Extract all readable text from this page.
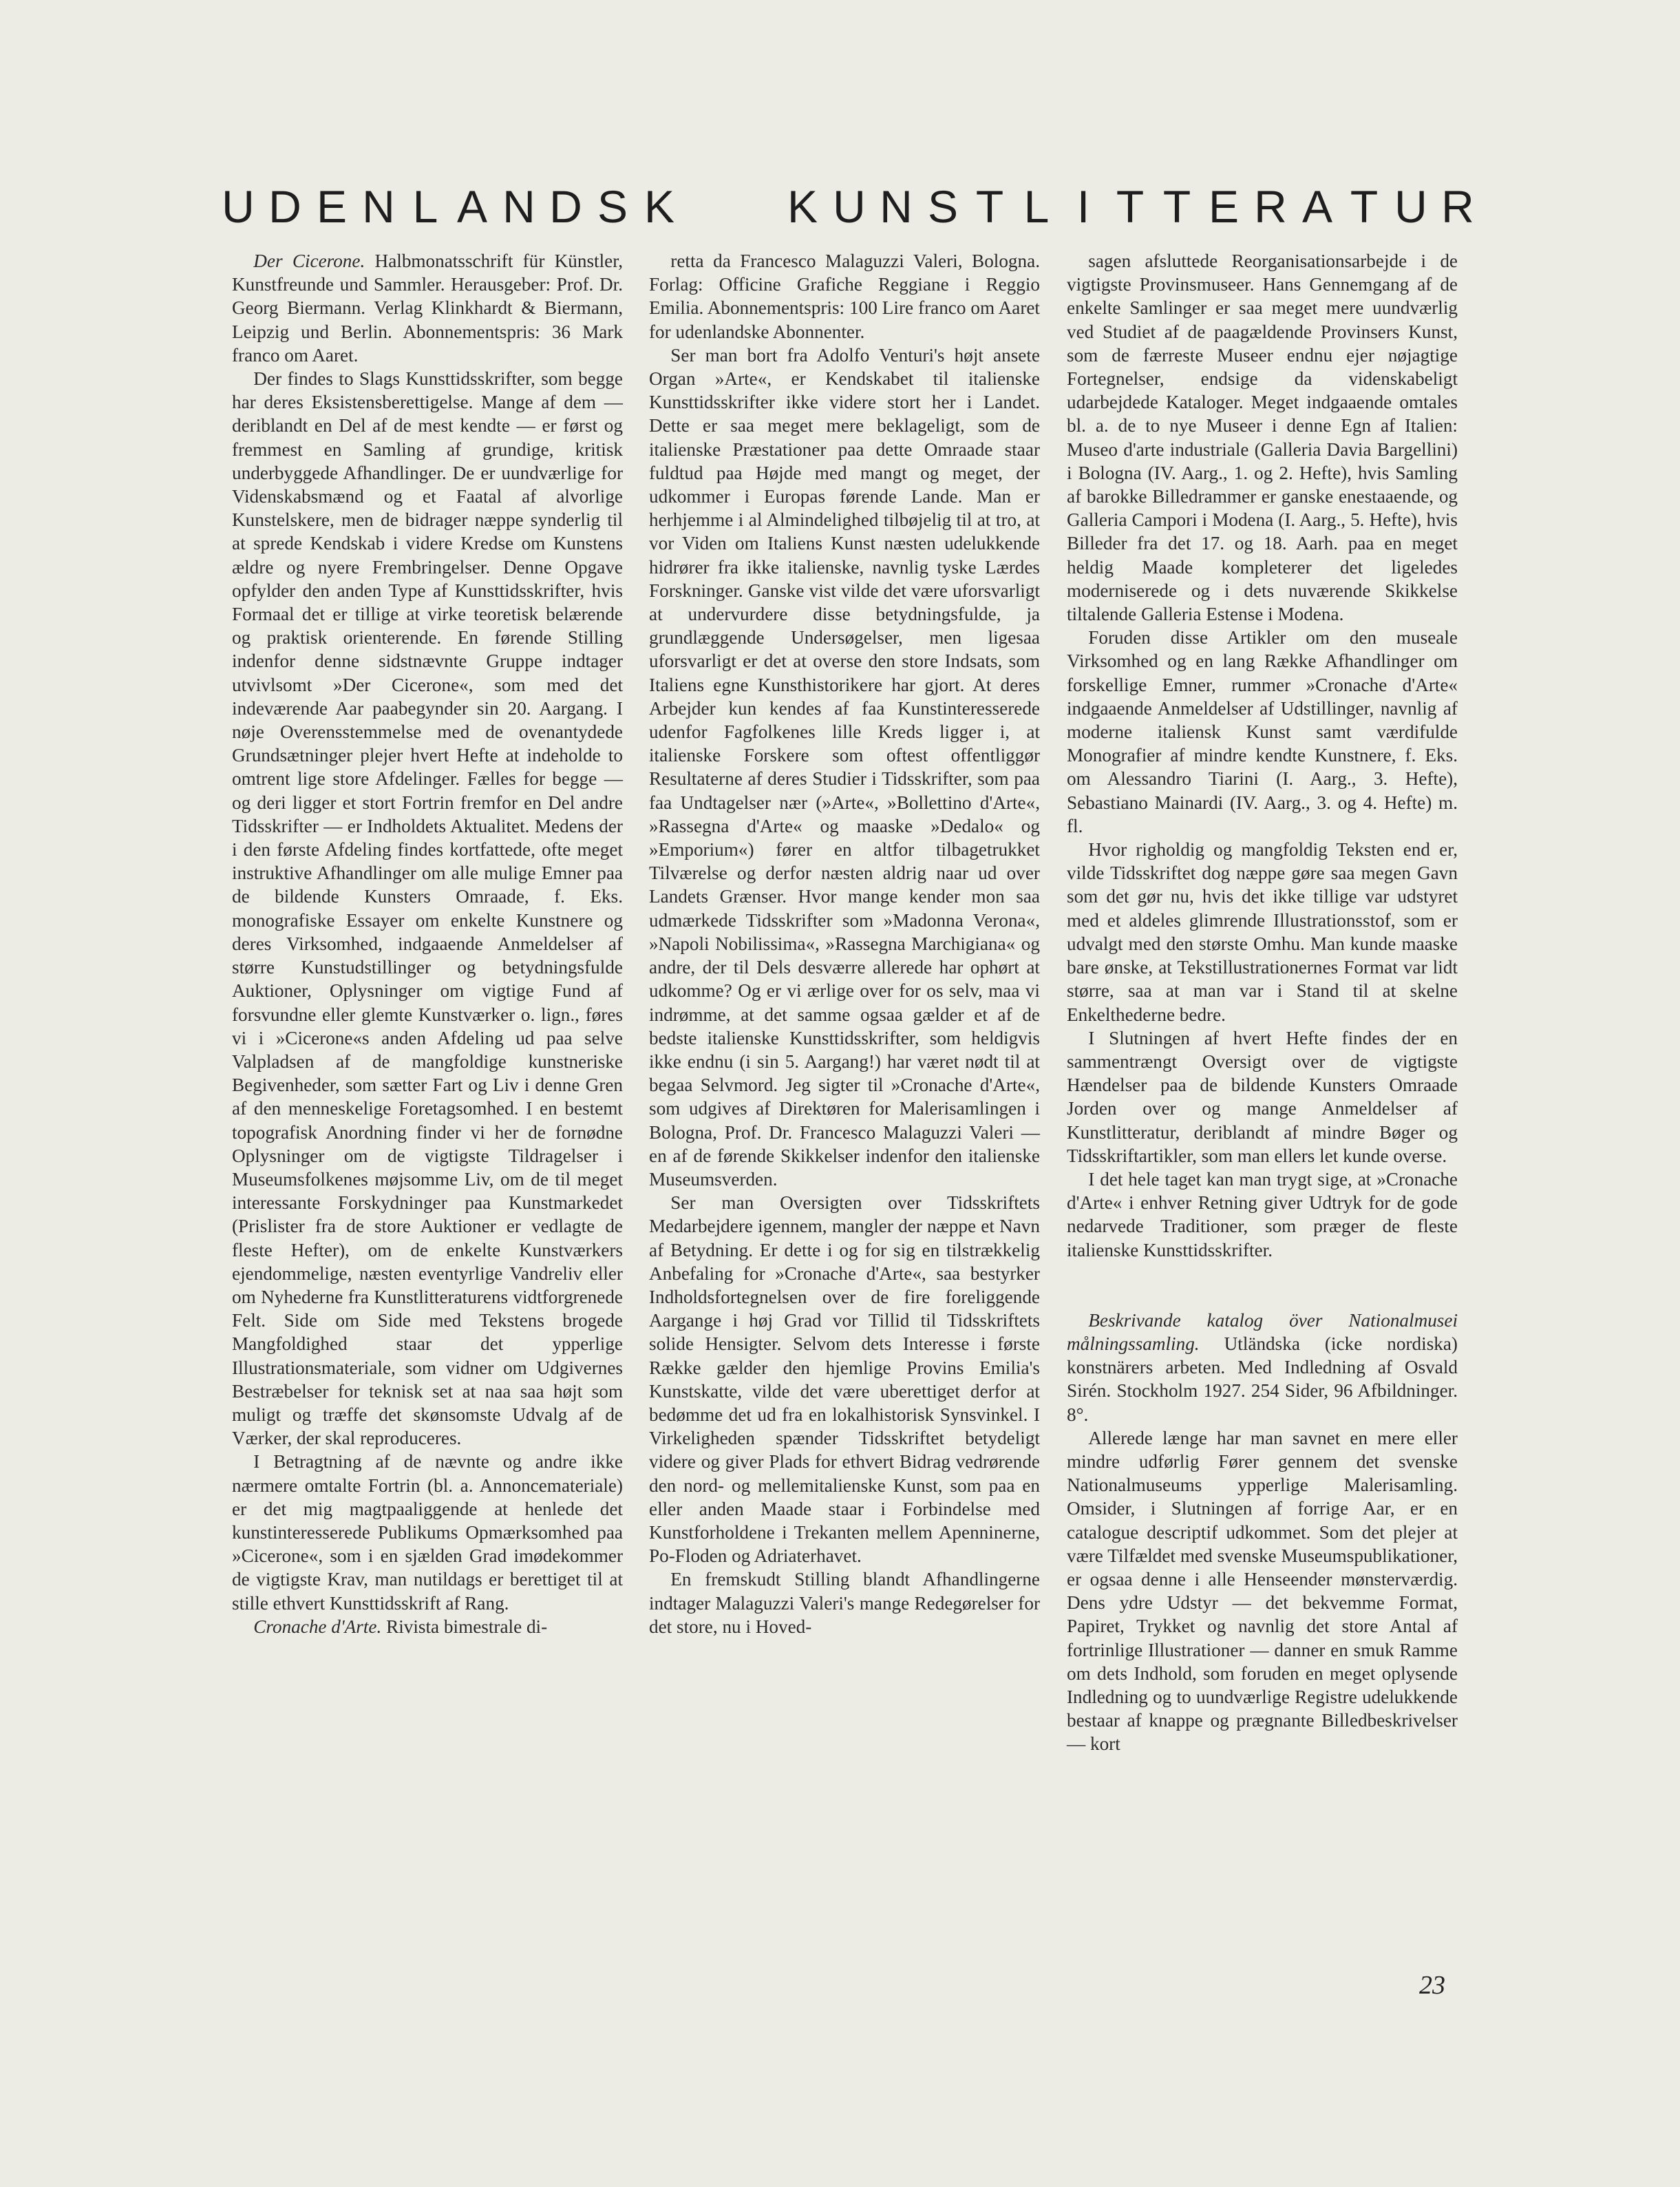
U D E N L A N D S K K U N S T L I T T E R A T U R

Der Cicerone. Halbmonatsschrift für Künstler, Kunstfreunde und Sammler. Herausgeber: Prof. Dr. Georg Biermann. Verlag Klinkhardt & Biermann, Leipzig und Berlin. Abonnementspris: 36 Mark franco om Aaret.

Der findes to Slags Kunsttidsskrifter, som begge har deres Eksistensberettigelse. Mange af dem — deriblandt en Del af de mest kendte — er først og fremmest en Samling af grundige, kritisk underbyggede Afhandlinger. De er uundværlige for Videnskabsmænd og et Faatal af alvorlige Kunstelskere, men de bidrager næppe synderlig til at sprede Kendskab i videre Kredse om Kunstens ældre og nyere Frembringelser. Denne Opgave opfylder den anden Type af Kunsttidsskrifter, hvis Formaal det er tillige at virke teoretisk belærende og praktisk orienterende. En førende Stilling indenfor denne sidstnævnte Gruppe indtager utvivlsomt »Der Cicerone«, som med det indeværende Aar paabegynder sin 20. Aargang. I nøje Overensstemmelse med de ovenantydede Grundsætninger plejer hvert Hefte at indeholde to omtrent lige store Afdelinger. Fælles for begge — og deri ligger et stort Fortrin fremfor en Del andre Tidsskrifter — er Indholdets Aktualitet. Medens der i den første Afdeling findes kortfattede, ofte meget instruktive Afhandlinger om alle mulige Emner paa de bildende Kunsters Omraade, f. Eks. monografiske Essayer om enkelte Kunstnere og deres Virksomhed, indgaaende Anmeldelser af større Kunstudstillinger og betydningsfulde Auktioner, Oplysninger om vigtige Fund af forsvundne eller glemte Kunstværker o. lign., føres vi i »Cicerone«s anden Afdeling ud paa selve Valpladsen af de mangfoldige kunstneriske Begivenheder, som sætter Fart og Liv i denne Gren af den menneskelige Foretagsomhed. I en bestemt topografisk Anordning finder vi her de fornødne Oplysninger om de vigtigste Tildragelser i Museumsfolkenes møjsomme Liv, om de til meget interessante Forskydninger paa Kunstmarkedet (Prislister fra de store Auktioner er vedlagte de fleste Hefter), om de enkelte Kunstværkers ejendommelige, næsten eventyrlige Vandreliv eller om Nyhederne fra Kunstlitteraturens vidtforgrenede Felt. Side om Side med Tekstens brogede Mangfoldighed staar det ypperlige Illustrationsmateriale, som vidner om Udgivernes Bestræbelser for teknisk set at naa saa højt som muligt og træffe det skønsomste Udvalg af de Værker, der skal reproduceres.

I Betragtning af de nævnte og andre ikke nærmere omtalte Fortrin (bl. a. Annoncemateriale) er det mig magtpaaliggende at henlede det kunstinteresserede Publikums Opmærksomhed paa »Cicerone«, som i en sjælden Grad imødekommer de vigtigste Krav, man nutildags er berettiget til at stille ethvert Kunsttidsskrift af Rang.

Cronache d'Arte. Rivista bimestrale di-

retta da Francesco Malaguzzi Valeri, Bologna. Forlag: Officine Grafiche Reggiane i Reggio Emilia. Abonnementspris: 100 Lire franco om Aaret for udenlandske Abonnenter.

Ser man bort fra Adolfo Venturi's højt ansete Organ »Arte«, er Kendskabet til italienske Kunsttidsskrifter ikke videre stort her i Landet. Dette er saa meget mere beklageligt, som de italienske Præstationer paa dette Omraade staar fuldtud paa Højde med mangt og meget, der udkommer i Europas førende Lande. Man er herhjemme i al Almindelighed tilbøjelig til at tro, at vor Viden om Italiens Kunst næsten udelukkende hidrører fra ikke italienske, navnlig tyske Lærdes Forskninger. Ganske vist vilde det være uforsvarligt at undervurdere disse betydningsfulde, ja grundlæggende Undersøgelser, men ligesaa uforsvarligt er det at overse den store Indsats, som Italiens egne Kunsthistorikere har gjort. At deres Arbejder kun kendes af faa Kunstinteresserede udenfor Fagfolkenes lille Kreds ligger i, at italienske Forskere som oftest offentliggør Resultaterne af deres Studier i Tidsskrifter, som paa faa Undtagelser nær (»Arte«, »Bollettino d'Arte«, »Rassegna d'Arte« og maaske »Dedalo« og »Emporium«) fører en altfor tilbagetrukket Tilværelse og derfor næsten aldrig naar ud over Landets Grænser. Hvor mange kender mon saa udmærkede Tidsskrifter som »Madonna Verona«, »Napoli Nobilissima«, »Rassegna Marchigiana« og andre, der til Dels desværre allerede har ophørt at udkomme? Og er vi ærlige over for os selv, maa vi indrømme, at det samme ogsaa gælder et af de bedste italienske Kunsttidsskrifter, som heldigvis ikke endnu (i sin 5. Aargang!) har været nødt til at begaa Selvmord. Jeg sigter til »Cronache d'Arte«, som udgives af Direktøren for Malerisamlingen i Bologna, Prof. Dr. Francesco Malaguzzi Valeri — en af de førende Skikkelser indenfor den italienske Museumsverden.

Ser man Oversigten over Tidsskriftets Medarbejdere igennem, mangler der næppe et Navn af Betydning. Er dette i og for sig en tilstrækkelig Anbefaling for »Cronache d'Arte«, saa bestyrker Indholdsfortegnelsen over de fire foreliggende Aargange i høj Grad vor Tillid til Tidsskriftets solide Hensigter. Selvom dets Interesse i første Række gælder den hjemlige Provins Emilia's Kunstskatte, vilde det være uberettiget derfor at bedømme det ud fra en lokalhistorisk Synsvinkel. I Virkeligheden spænder Tidsskriftet betydeligt videre og giver Plads for ethvert Bidrag vedrørende den nord- og mellemitalienske Kunst, som paa en eller anden Maade staar i Forbindelse med Kunstforholdene i Trekanten mellem Apenninerne, Po-Floden og Adriaterhavet.

En fremskudt Stilling blandt Afhandlingerne indtager Malaguzzi Valeri's mange Redegørelser for det store, nu i Hoved-

sagen afsluttede Reorganisationsarbejde i de vigtigste Provinsmuseer. Hans Gennemgang af de enkelte Samlinger er saa meget mere uundværlig ved Studiet af de paagældende Provinsers Kunst, som de færreste Museer endnu ejer nøjagtige Fortegnelser, endsige da videnskabeligt udarbejdede Kataloger. Meget indgaaende omtales bl. a. de to nye Museer i denne Egn af Italien: Museo d'arte industriale (Galleria Davia Bargellini) i Bologna (IV. Aarg., 1. og 2. Hefte), hvis Samling af barokke Billedrammer er ganske enestaaende, og Galleria Campori i Modena (I. Aarg., 5. Hefte), hvis Billeder fra det 17. og 18. Aarh. paa en meget heldig Maade kompleterer det ligeledes moderniserede og i dets nuværende Skikkelse tiltalende Galleria Estense i Modena.

Foruden disse Artikler om den museale Virksomhed og en lang Række Afhandlinger om forskellige Emner, rummer »Cronache d'Arte« indgaaende Anmeldelser af Udstillinger, navnlig af moderne italiensk Kunst samt værdifulde Monografier af mindre kendte Kunstnere, f. Eks. om Alessandro Tiarini (I. Aarg., 3. Hefte), Sebastiano Mainardi (IV. Aarg., 3. og 4. Hefte) m. fl.

Hvor righoldig og mangfoldig Teksten end er, vilde Tidsskriftet dog næppe gøre saa megen Gavn som det gør nu, hvis det ikke tillige var udstyret med et aldeles glimrende Illustrationsstof, som er udvalgt med den største Omhu. Man kunde maaske bare ønske, at Tekstillustrationernes Format var lidt større, saa at man var i Stand til at skelne Enkelthederne bedre.

I Slutningen af hvert Hefte findes der en sammentrængt Oversigt over de vigtigste Hændelser paa de bildende Kunsters Omraade Jorden over og mange Anmeldelser af Kunstlitteratur, deriblandt af mindre Bøger og Tidsskriftartikler, som man ellers let kunde overse.

I det hele taget kan man trygt sige, at »Cronache d'Arte« i enhver Retning giver Udtryk for de gode nedarvede Traditioner, som præger de fleste italienske Kunsttidsskrifter.

Beskrivande katalog över Nationalmusei målningssamling. Utländska (icke nordiska) konstnärers arbeten. Med Indledning af Osvald Sirén. Stockholm 1927. 254 Sider, 96 Afbildninger. 8°.

Allerede længe har man savnet en mere eller mindre udførlig Fører gennem det svenske Nationalmuseums ypperlige Malerisamling. Omsider, i Slutningen af forrige Aar, er en catalogue descriptif udkommet. Som det plejer at være Tilfældet med svenske Museumspublikationer, er ogsaa denne i alle Henseender mønsterværdig. Dens ydre Udstyr — det bekvemme Format, Papiret, Trykket og navnlig det store Antal af fortrinlige Illustrationer — danner en smuk Ramme om dets Indhold, som foruden en meget oplysende Indledning og to uundværlige Registre udelukkende bestaar af knappe og prægnante Billedbeskrivelser — kort

23
